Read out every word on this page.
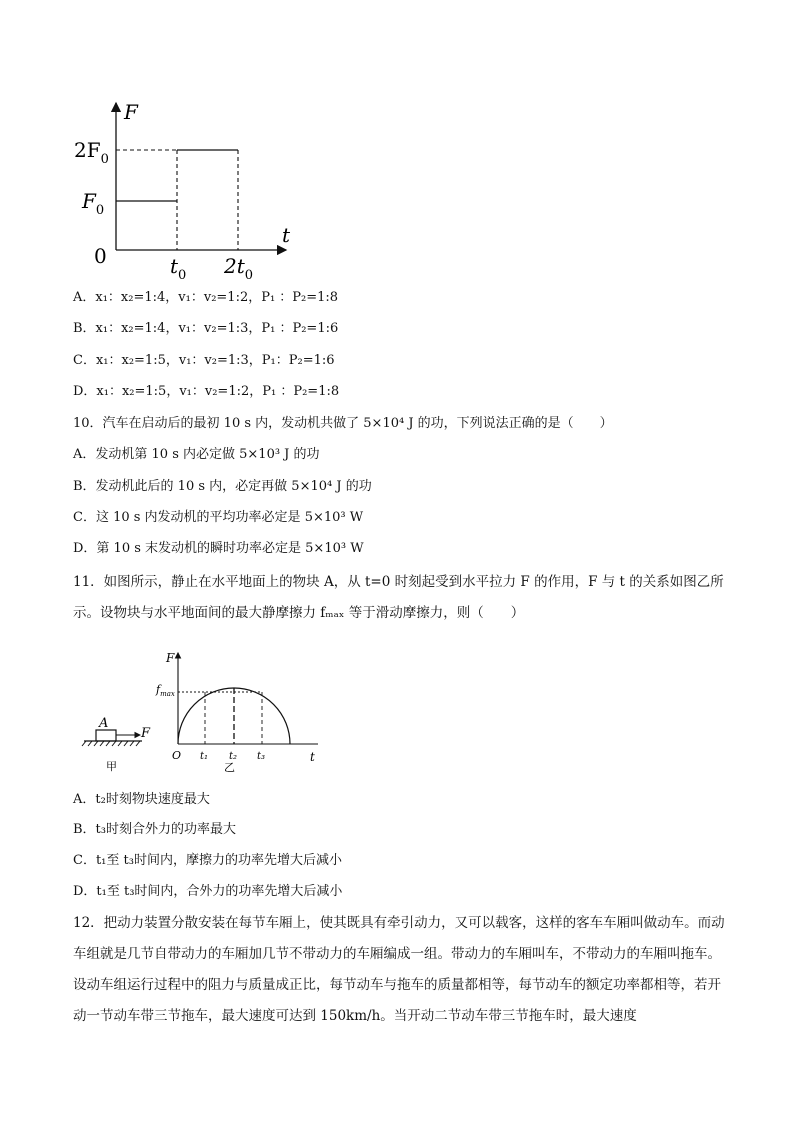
F
t
0
$F_0$
$2F_0$
$t_0$ $2t_0$
A．x₁：x₂=1:4，v₁：v₂=1:2，P₁ ：P₂=1:8
B．x₁：x₂=1:4，v₁：v₂=1:3，P₁ ：P₂=1:6
C．x₁：x₂=1:5，v₁：v₂=1:3，P₁：P₂=1:6
D．x₁：x₂=1:5，v₁：v₂=1:2，P₁ ：P₂=1:8
10．汽车在启动后的最初 10 s 内，发动机共做了 5×10⁴ J 的功，下列说法正确的是（　　）
A．发动机第 10 s 内必定做 5×10³ J 的功
B．发动机此后的 10 s 内，必定再做 5×10⁴ J 的功
C．这 10 s 内发动机的平均功率必定是 5×10³ W
D．第 10 s 末发动机的瞬时功率必定是 5×10³ W
11．如图所示，静止在水平地面上的物块 A，从 t=0 时刻起受到水平拉力 F 的作用，F 与 t 的关系如图乙所示。设物块与水平地面间的最大静摩擦力 fₘₐₓ 等于滑动摩擦力，则（　　）
A
F
甲
F
t
O
$f_{max}$
t₁ t₂ t₃
乙
A．t₂时刻物块速度最大
B．t₃时刻合外力的功率最大
C．t₁至 t₃时间内，摩擦力的功率先增大后减小
D．t₁至 t₃时间内，合外力的功率先增大后减小
12．把动力装置分散安装在每节车厢上，使其既具有牵引动力，又可以载客，这样的客车车厢叫做动车。而动车组就是几节自带动力的车厢加几节不带动力的车厢编成一组。带动力的车厢叫车，不带动力的车厢叫拖车。设动车组运行过程中的阻力与质量成正比，每节动车与拖车的质量都相等，每节动车的额定功率都相等，若开动一节动车带三节拖车，最大速度可达到 150km/h。当开动二节动车带三节拖车时，最大速度
